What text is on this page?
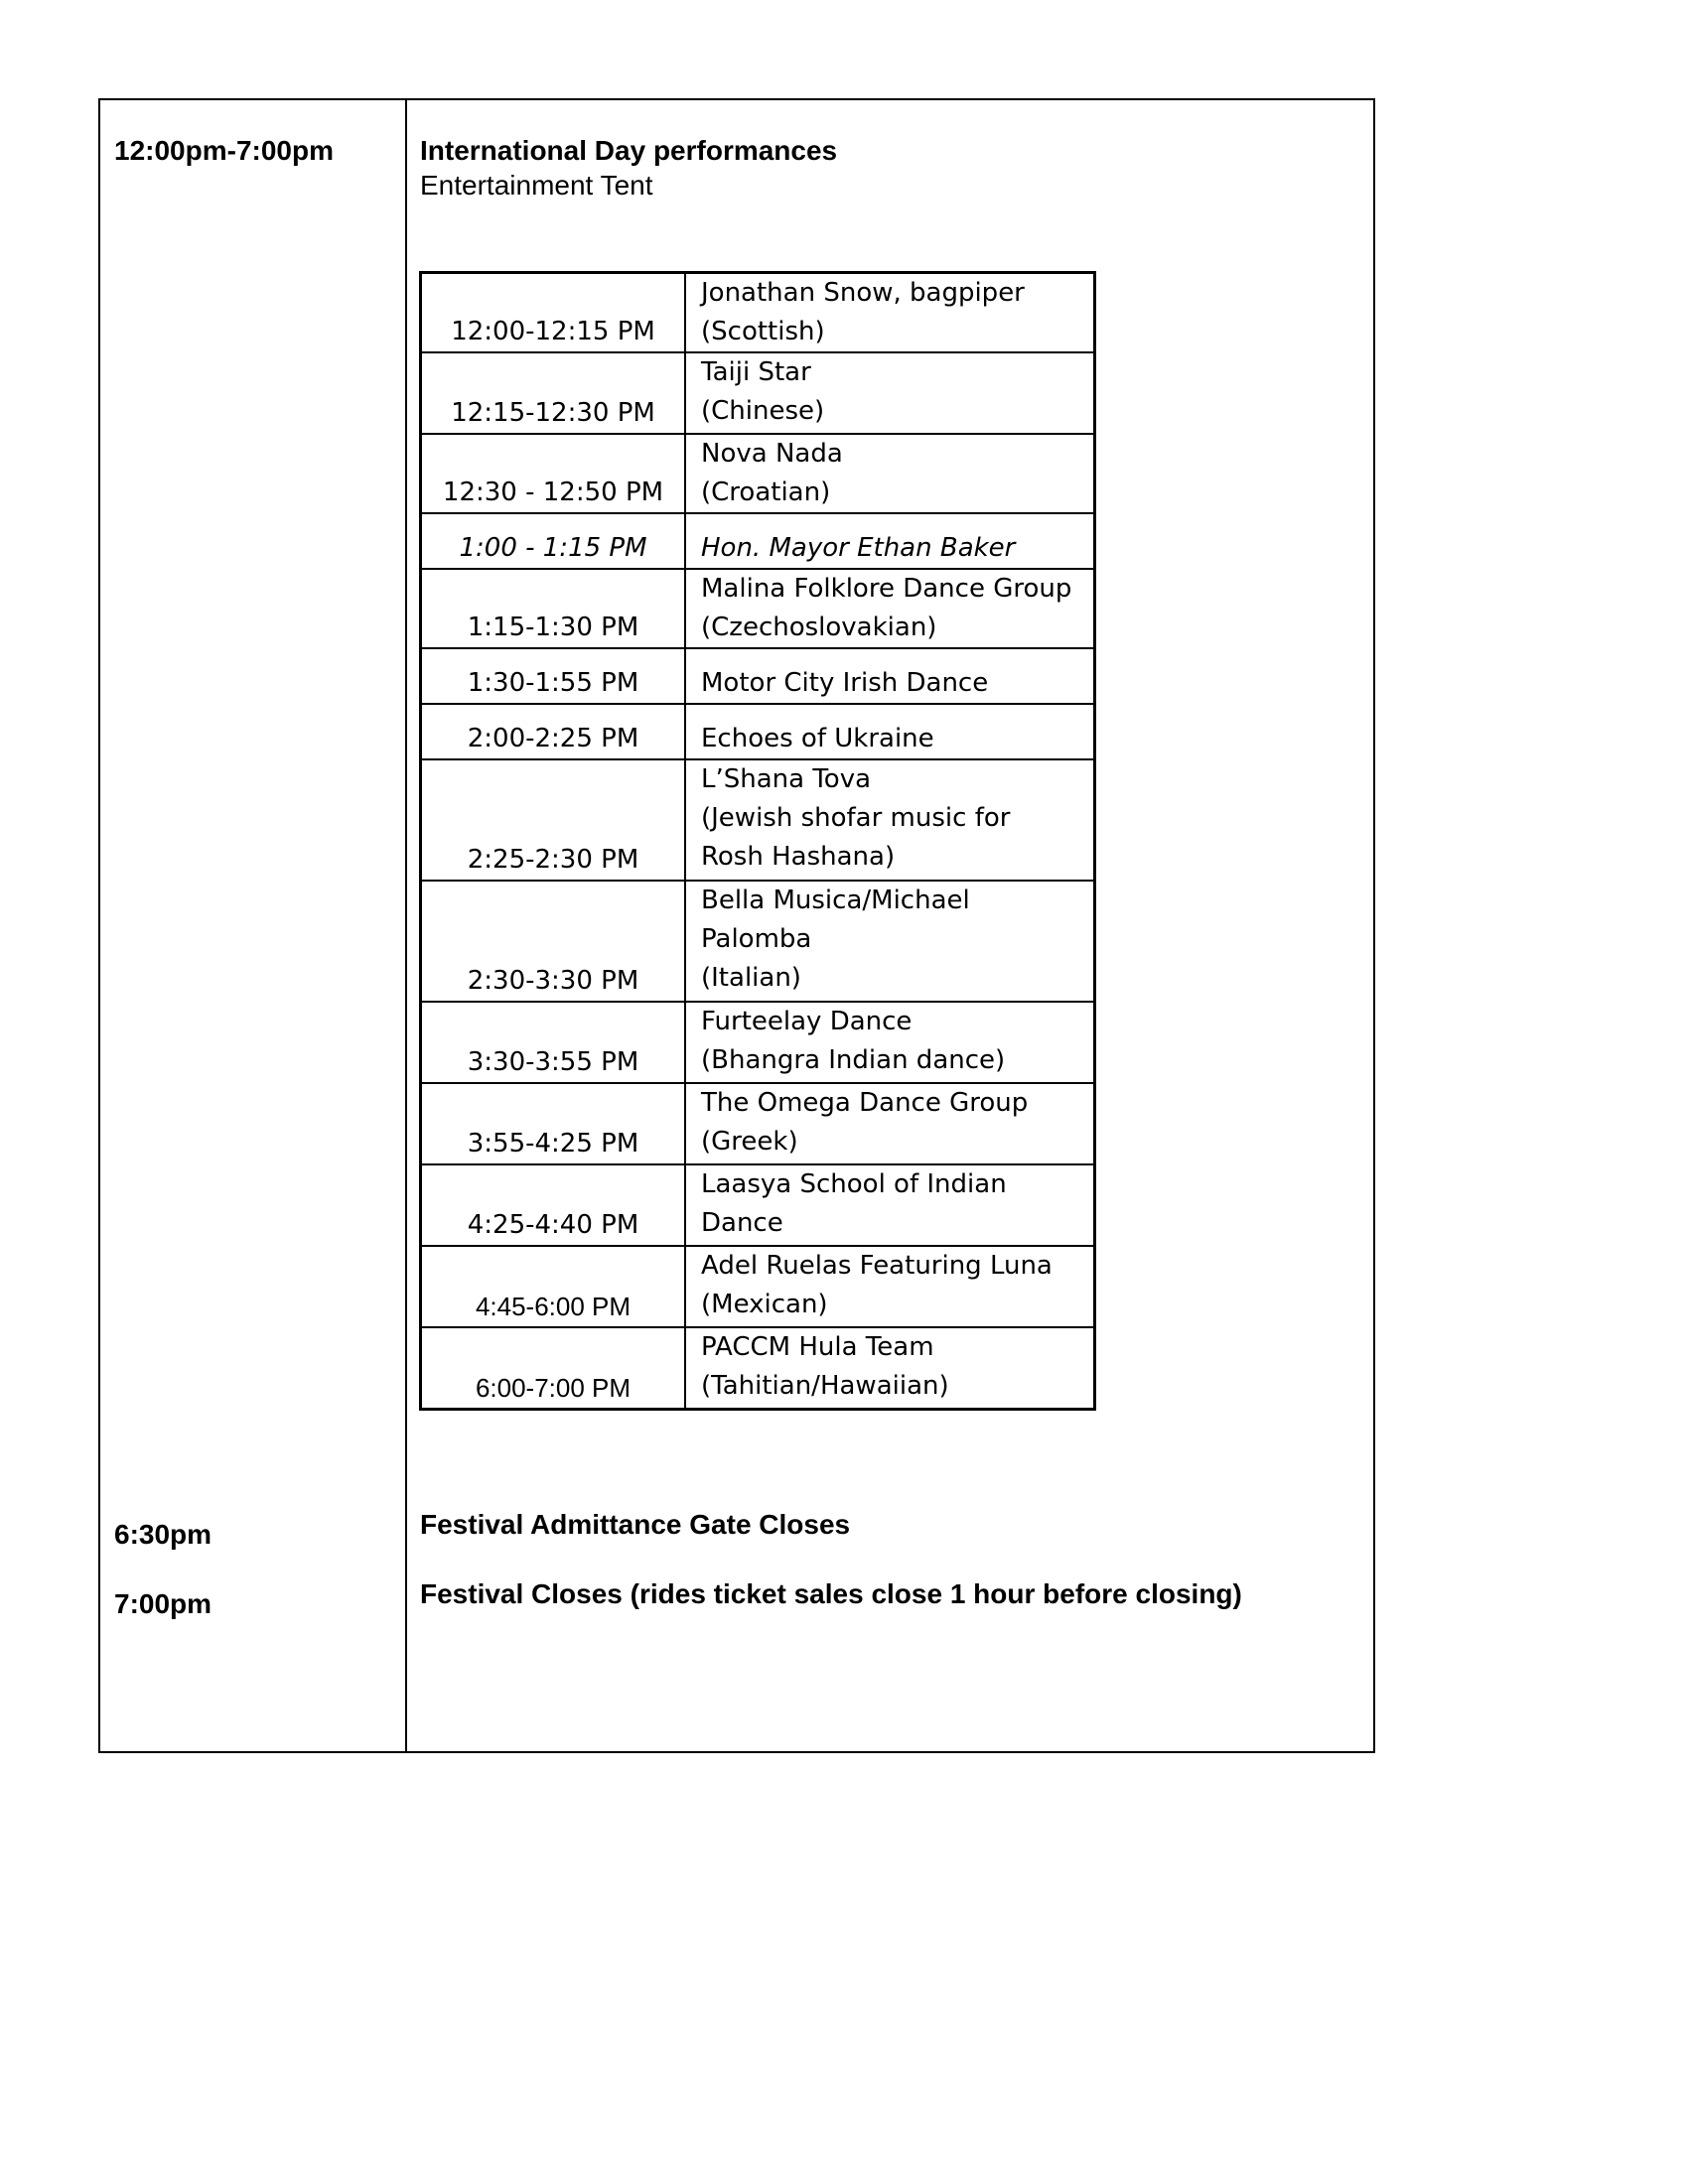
12:00pm-7:00pm	International Day performances
Entertainment Tent
12:00-12:15 PM	Jonathan Snow, bagpiper
(Scottish)

12:15-12:30 PM	Taiji Star
(Chinese)

12:30 - 12:50 PM	Nova Nada
(Croatian)

1:00 - 1:15 PM	Hon. Mayor Ethan Baker

1:15-1:30 PM	Malina Folklore Dance Group
(Czechoslovakian)

1:30-1:55 PM	Motor City Irish Dance

2:00-2:25 PM	Echoes of Ukraine

2:25-2:30 PM	L’Shana Tova
(Jewish shofar music for
Rosh Hashana)

2:30-3:30 PM	Bella Musica/Michael
Palomba
(Italian)

3:30-3:55 PM	Furteelay Dance
(Bhangra Indian dance)

3:55-4:25 PM	The Omega Dance Group
(Greek)

4:25-4:40 PM	Laasya School of Indian
Dance

4:45-6:00 PM	Adel Ruelas Featuring Luna
(Mexican)

6:00-7:00 PM	PACCM Hula Team
(Tahitian/Hawaiian)
6:30pm	Festival Admittance Gate Closes
7:00pm	Festival Closes (rides ticket sales close 1 hour before closing)
